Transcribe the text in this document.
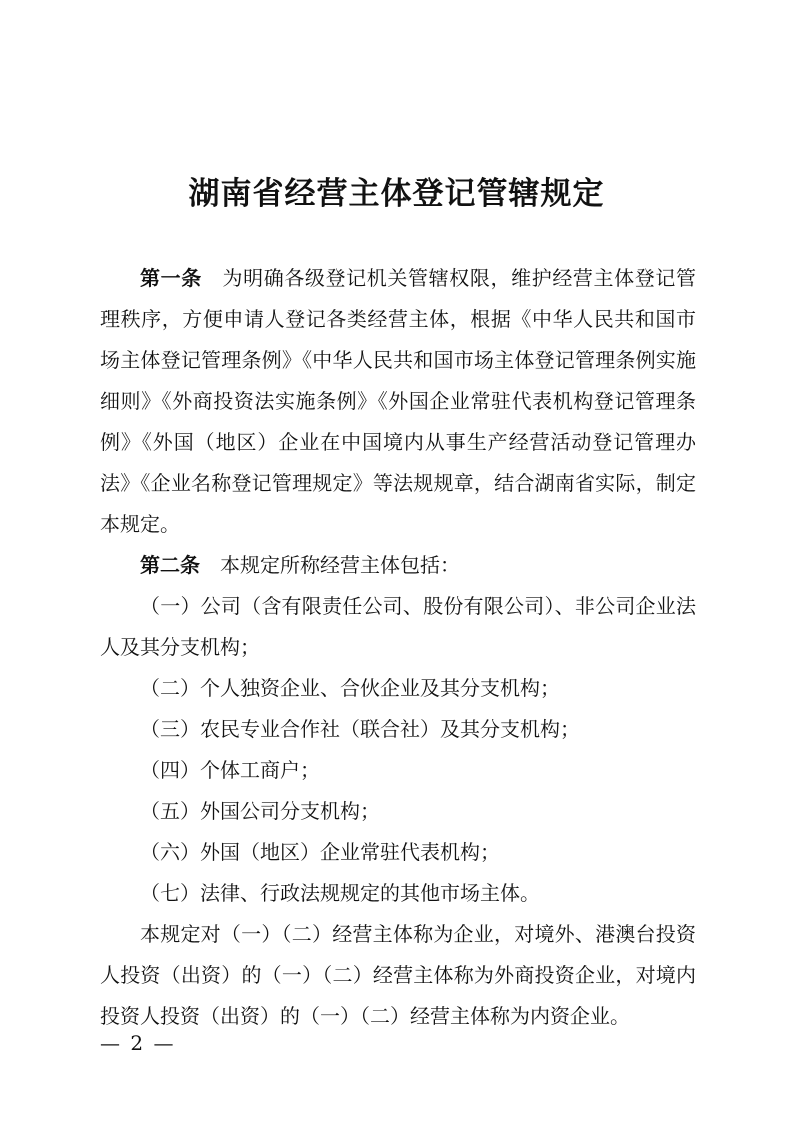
湖南省经营主体登记管辖规定

第一条 为明确各级登记机关管辖权限，维护经营主体登记管理秩序，方便申请人登记各类经营主体，根据《中华人民共和国市场主体登记管理条例》《中华人民共和国市场主体登记管理条例实施细则》《外商投资法实施条例》《外国企业常驻代表机构登记管理条例》《外国（地区）企业在中国境内从事生产经营活动登记管理办法》《企业名称登记管理规定》等法规规章，结合湖南省实际，制定本规定。

第二条 本规定所称经营主体包括：

（一）公司（含有限责任公司、股份有限公司）、非公司企业法人及其分支机构；

（二）个人独资企业、合伙企业及其分支机构；

（三）农民专业合作社（联合社）及其分支机构；

（四）个体工商户；

（五）外国公司分支机构；

（六）外国（地区）企业常驻代表机构；

（七）法律、行政法规规定的其他市场主体。

本规定对（一）（二）经营主体称为企业，对境外、港澳台投资人投资（出资）的（一）（二）经营主体称为外商投资企业，对境内投资人投资（出资）的（一）（二）经营主体称为内资企业。

— 2 —
